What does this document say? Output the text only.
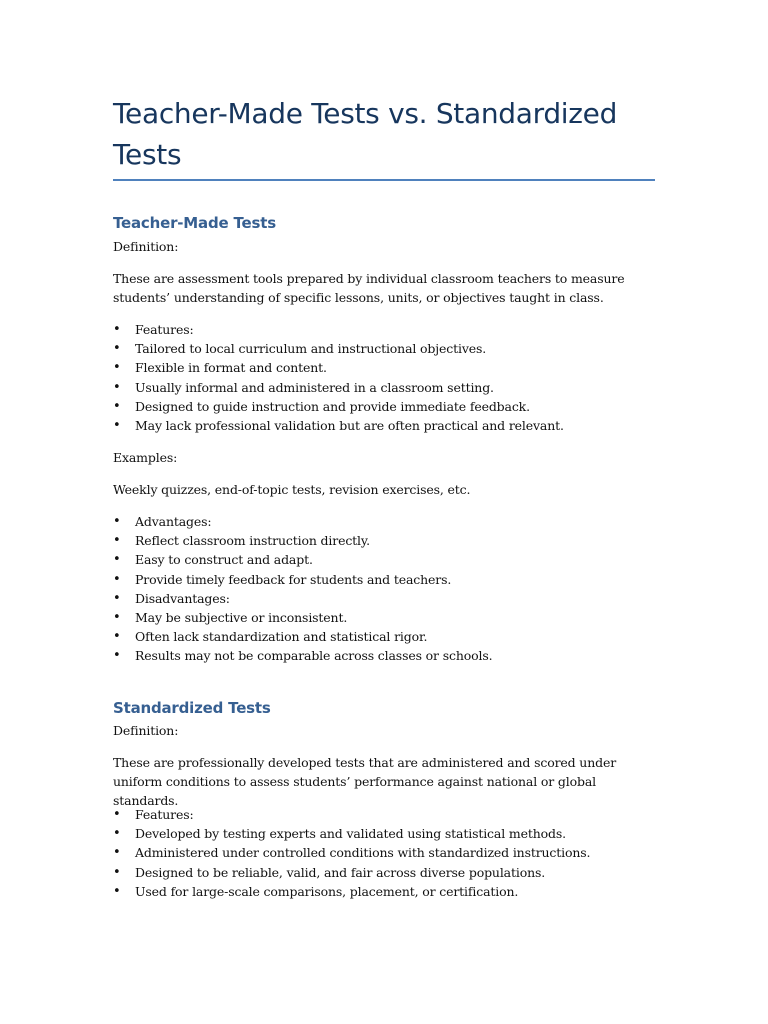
Teacher-Made Tests vs. Standardized Tests
Teacher-Made Tests

Definition:

These are assessment tools prepared by individual classroom teachers to measure students’ understanding of specific lessons, units, or objectives taught in class.

• Features:
• Tailored to local curriculum and instructional objectives.
• Flexible in format and content.
• Usually informal and administered in a classroom setting.
• Designed to guide instruction and provide immediate feedback.
• May lack professional validation but are often practical and relevant.

Examples:

Weekly quizzes, end-of-topic tests, revision exercises, etc.

• Advantages:
• Reflect classroom instruction directly.
• Easy to construct and adapt.
• Provide timely feedback for students and teachers.
• Disadvantages:
• May be subjective or inconsistent.
• Often lack standardization and statistical rigor.
• Results may not be comparable across classes or schools.
Standardized Tests

Definition:

These are professionally developed tests that are administered and scored under uniform conditions to assess students’ performance against national or global standards.

• Features:
• Developed by testing experts and validated using statistical methods.
• Administered under controlled conditions with standardized instructions.
• Designed to be reliable, valid, and fair across diverse populations.
• Used for large-scale comparisons, placement, or certification.
